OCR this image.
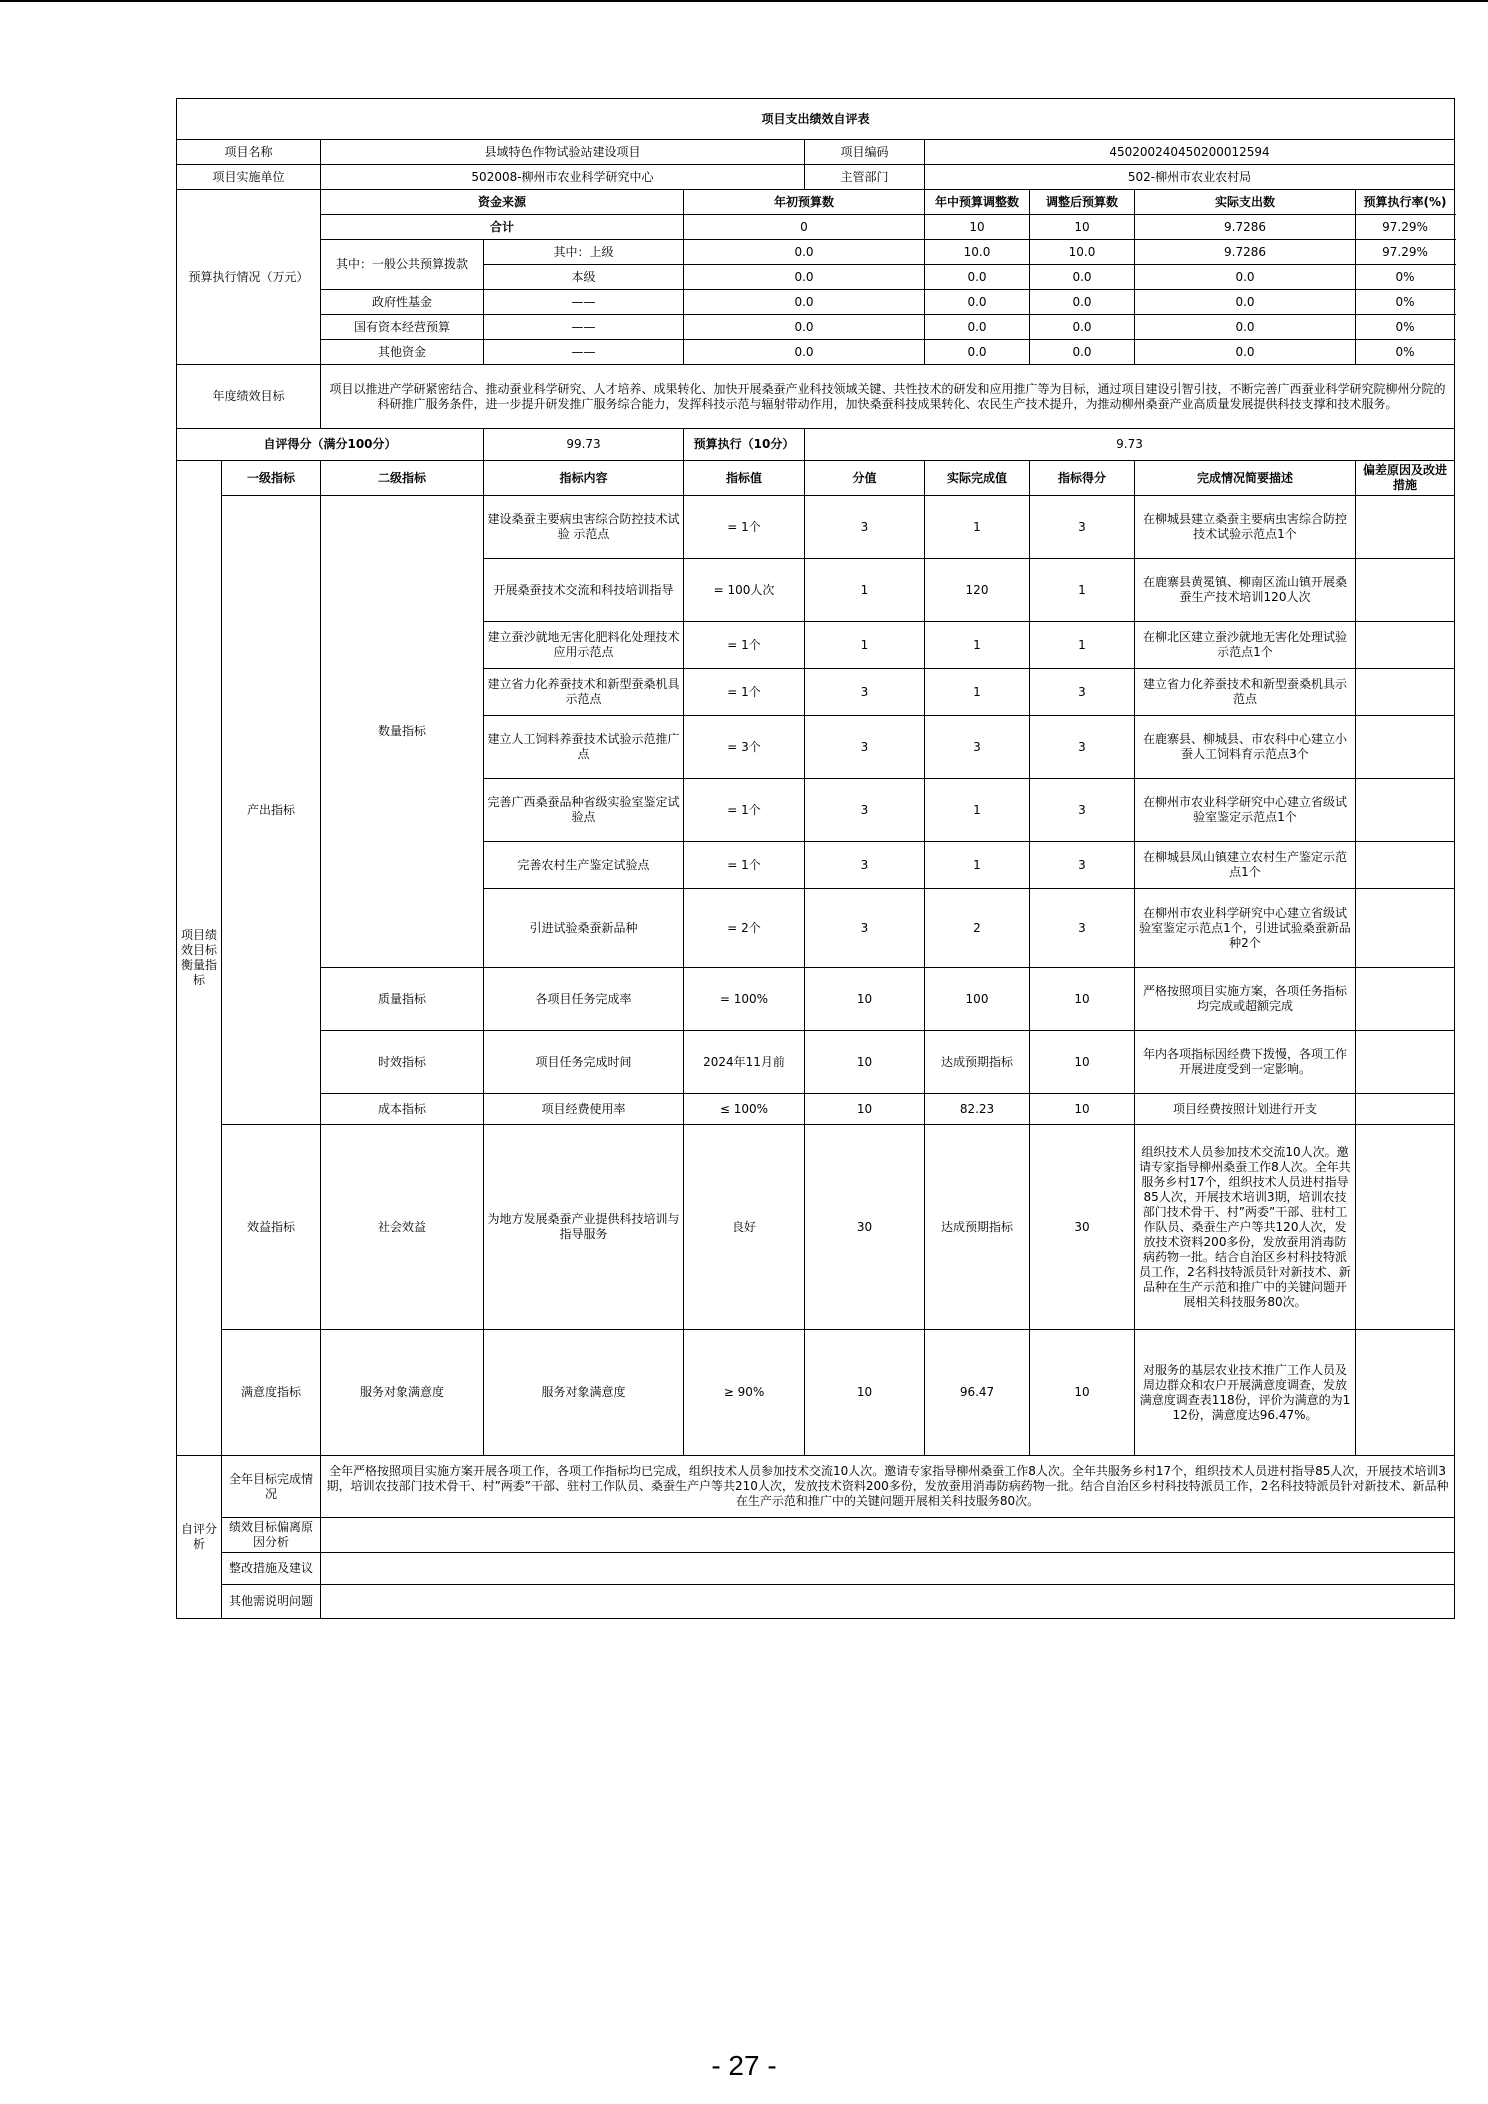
项目支出绩效自评表									
项目名称		县域特色作物试验站建设项目			项目编码	450200240450200012594			
项目实施单位		502008-柳州市农业科学研究中心			主管部门	502-柳州市农业农村局			
预算执行情况（万元）		资金来源		年初预算数		年中预算调整数	调整后预算数	实际支出数	预算执行率(%)
		合计		0		10	10	9.7286	97.29%
		其中：一般公共预算拨款	其中：上级	0.0		10.0	10.0	9.7286	97.29%
			本级	0.0		0.0	0.0	0.0	0%
		政府性基金	——	0.0		0.0	0.0	0.0	0%
		国有资本经营预算	——	0.0		0.0	0.0	0.0	0%
		其他资金	——	0.0		0.0	0.0	0.0	0%
年度绩效目标		项目以推进产学研紧密结合、推动蚕业科学研究、人才培养、成果转化、加快开展桑蚕产业科技领域关键、共性技术的研发和应用推广等为目标，通过项目建设引智引技，不断完善广西蚕业科学研究院柳州分院的科研推广服务条件，进一步提升研发推广服务综合能力，发挥科技示范与辐射带动作用，加快桑蚕科技成果转化、农民生产技术提升，为推动柳州桑蚕产业高质量发展提供科技支撑和技术服务。							
自评得分（满分100分）			99.73	预算执行（10分）	9.73				
项目绩效目标衡量指标	一级指标	二级指标	指标内容	指标值	分值	实际完成值	指标得分	完成情况简要描述	偏差原因及改进措施
	产出指标	数量指标	建设桑蚕主要病虫害综合防控技术试验 示范点	= 1个	3	1	3	在柳城县建立桑蚕主要病虫害综合防控技术试验示范点1个	
			开展桑蚕技术交流和科技培训指导	= 100人次	1	120	1	在鹿寨县黄冕镇、柳南区流山镇开展桑蚕生产技术培训120人次	
			建立蚕沙就地无害化肥料化处理技术应用示范点	= 1个	1	1	1	在柳北区建立蚕沙就地无害化处理试验示范点1个	
			建立省力化养蚕技术和新型蚕桑机具示范点	= 1个	3	1	3	建立省力化养蚕技术和新型蚕桑机具示范点	
			建立人工饲料养蚕技术试验示范推广点	= 3个	3	3	3	在鹿寨县、柳城县、市农科中心建立小蚕人工饲料育示范点3个	
			完善广西桑蚕品种省级实验室鉴定试验点	= 1个	3	1	3	在柳州市农业科学研究中心建立省级试验室鉴定示范点1个	
			完善农村生产鉴定试验点	= 1个	3	1	3	在柳城县凤山镇建立农村生产鉴定示范点1个	
			引进试验桑蚕新品种	= 2个	3	2	3	在柳州市农业科学研究中心建立省级试验室鉴定示范点1个，引进试验桑蚕新品种2个	
		质量指标	各项目任务完成率	= 100%	10	100	10	严格按照项目实施方案，各项任务指标均完成或超额完成	
		时效指标	项目任务完成时间	2024年11月前	10	达成预期指标	10	年内各项指标因经费下拨慢，各项工作开展进度受到一定影响。	
		成本指标	项目经费使用率	≤ 100%	10	82.23	10	项目经费按照计划进行开支	
	效益指标	社会效益	为地方发展桑蚕产业提供科技培训与指导服务	良好	30	达成预期指标	30	组织技术人员参加技术交流10人次。邀请专家指导柳州桑蚕工作8人次。全年共服务乡村17个，组织技术人员进村指导85人次，开展技术培训3期，培训农技部门技术骨干、村”两委”干部、驻村工作队员、桑蚕生产户等共120人次，发放技术资料200多份，发放蚕用消毒防病药物一批。结合自治区乡村科技特派员工作，2名科技特派员针对新技术、新品种在生产示范和推广中的关键问题开展相关科技服务80次。	
	满意度指标	服务对象满意度	服务对象满意度	≥ 90%	10	96.47	10	对服务的基层农业技术推广工作人员及周边群众和农户开展满意度调查，发放满意度调查表118份，评价为满意的为112份，满意度达96.47%。	
自评分析	全年目标完成情况	全年严格按照项目实施方案开展各项工作，各项工作指标均已完成，组织技术人员参加技术交流10人次。邀请专家指导柳州桑蚕工作8人次。全年共服务乡村17个，组织技术人员进村指导85人次，开展技术培训3期，培训农技部门技术骨干、村”两委”干部、驻村工作队员、桑蚕生产户等共210人次，发放技术资料200多份，发放蚕用消毒防病药物一批。结合自治区乡村科技特派员工作，2名科技特派员针对新技术、新品种在生产示范和推广中的关键问题开展相关科技服务80次。							
	绩效目标偏离原因分析								
	整改措施及建议								
	其他需说明问题								
- 27 -
